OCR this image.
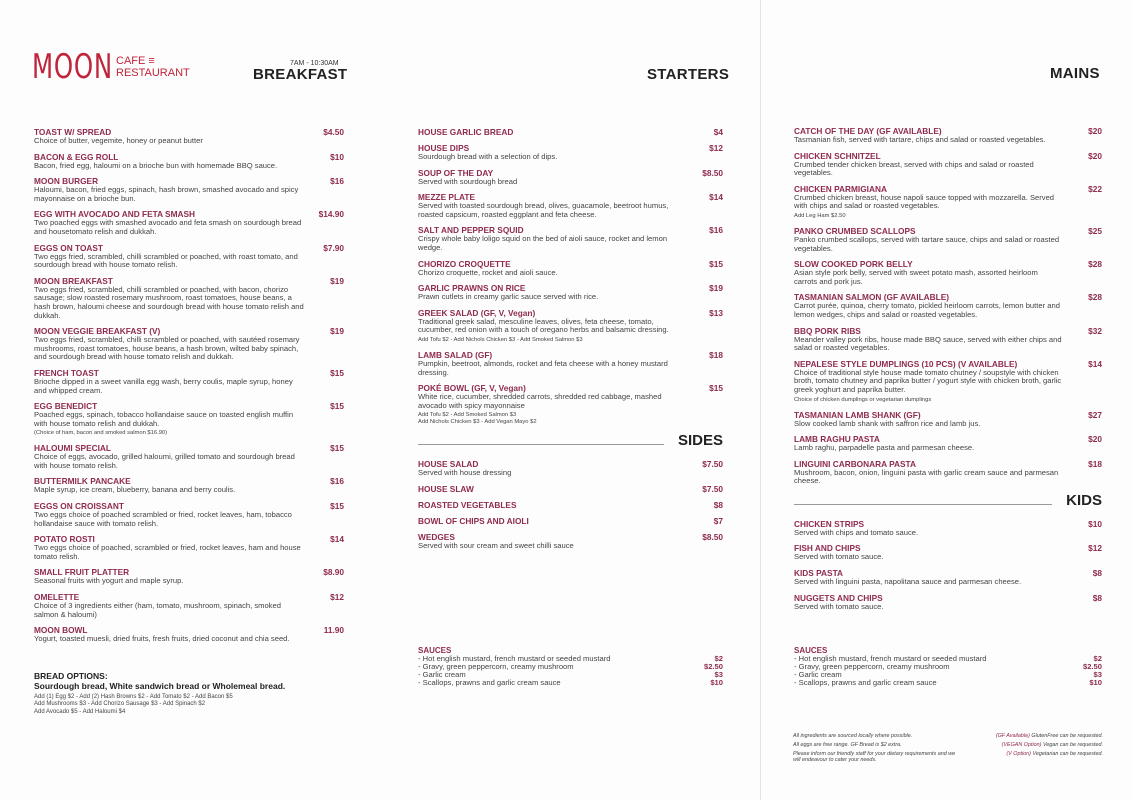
MOON CAFE ≡
RESTAURANT
7AM - 10:30AM
BREAKFAST	STARTERS	MAINS
TOAST W/ SPREAD	$4.50
Choice of butter, vegemite, honey or peanut butter
BACON & EGG ROLL	$10
Bacon, fried egg, haloumi on a brioche bun with homemade BBQ sauce.
MOON BURGER	$16
Haloumi, bacon, fried eggs, spinach, hash brown, smashed avocado and spicy mayonnaise on a brioche bun.
EGG WITH AVOCADO AND FETA SMASH	$14.90
Two poached eggs with smashed avocado and feta smash on sourdough bread and housetomato relish and dukkah.
EGGS ON TOAST	$7.90
Two eggs fried, scrambled, chilli scrambled or poached, with roast tomato, and sourdough bread with house tomato relish.
MOON BREAKFAST	$19
Two eggs fried, scrambled, chilli scrambled or poached, with bacon, chorizo sausage; slow roasted rosemary mushroom, roast tomatoes, house beans, a hash brown, haloumi cheese and sourdough bread with house tomato relish and dukkah.
MOON VEGGIE BREAKFAST (V)	$19
Two eggs fried, scrambled, chilli scrambled or poached, with sautéed rosemary mushrooms, roast tomatoes, house beans, a hash brown, wilted baby spinach, and sourdough bread with house tomato relish and dukkah.
FRENCH TOAST	$15
Brioche dipped in a sweet vanilla egg wash, berry coulis, maple syrup, honey and whipped cream.
EGG BENEDICT	$15
Poached eggs, spinach, tobacco hollandaise sauce on toasted english muffin with house tomato relish and dukkah.
(Choice of ham, bacon and smoked salmon $16.90)
HALOUMI SPECIAL	$15
Choice of eggs, avocado, grilled haloumi, grilled tomato and sourdough bread with house tomato relish.
BUTTERMILK PANCAKE	$16
Maple syrup, ice cream, blueberry, banana and berry coulis.
EGGS ON CROISSANT	$15
Two eggs choice of poached scrambled or fried, rocket leaves, ham, tobacco hollandaise sauce with tomato relish.
POTATO ROSTI	$14
Two eggs choice of poached, scrambled or fried, rocket leaves, ham and house tomato relish.
SMALL FRUIT PLATTER	$8.90
Seasonal fruits with yogurt and maple syrup.
OMELETTE	$12
Choice of 3 ingredients either (ham, tomato, mushroom, spinach, smoked salmon & haloumi)
MOON BOWL	11.90
Yogurt, toasted muesli, dried fruits, fresh fruits, dried coconut and chia seed.
BREAD OPTIONS:
Sourdough bread, White sandwich bread or Wholemeal bread.
Add (1) Egg $2 - Add (2) Hash Browns $2 - Add Tomato $2 - Add Bacon $5
Add Mushrooms $3 - Add Chorizo Sausage $3 - Add Spinach $2
Add Avocado $5 - Add Haloumi $4
HOUSE GARLIC BREAD	$4
HOUSE DIPS	$12
Sourdough bread with a selection of dips.
SOUP OF THE DAY	$8.50
Served with sourdough bread
MEZZE PLATE	$14
Served with toasted sourdough bread, olives, guacamole, beetroot humus, roasted capsicum, roasted eggplant and feta cheese.
SALT AND PEPPER SQUID	$16
Crispy whole baby loligo squid on the bed of aioli sauce, rocket and lemon wedge.
CHORIZO CROQUETTE	$15
Chorizo croquette, rocket and aioli sauce.
GARLIC PRAWNS ON RICE	$19
Prawn cutlets in creamy garlic sauce served with rice.
GREEK SALAD (GF, V, Vegan)	$13
Traditional greek salad, mesculine leaves, olives, feta cheese, tomato, cucumber, red onion with a touch of oregano herbs and balsamic dressing.
Add Tofu $2 - Add Nichols Chicken $3 - Add Smoked Salmon $3
LAMB SALAD (GF)	$18
Pumpkin, beetroot, almonds, rocket and feta cheese with a honey mustard dressing.
POKÉ BOWL (GF, V, Vegan)	$15
White rice, cucumber, shredded carrots, shredded red cabbage, mashed avocado with spicy mayonnaise
Add Tofu $2 - Add Smoked Salmon $3
Add Nichols Chicken $3 - Add Vegan Mayo $2
SIDES
HOUSE SALAD	$7.50
Served with house dressing
HOUSE SLAW	$7.50
ROASTED VEGETABLES	$8
BOWL OF CHIPS AND AIOLI	$7
WEDGES	$8.50
Served with sour cream and sweet chilli sauce
SAUCES
- Hot english mustard, french mustard or seeded mustard	$2
- Gravy, green peppercorn, creamy mushroom	$2.50
- Garlic cream	$3
- Scallops, prawns and garlic cream sauce	$10
CATCH OF THE DAY (GF AVAILABLE)	$20
Tasmanian fish, served with tartare, chips and salad or roasted vegetables.
CHICKEN SCHNITZEL	$20
Crumbed tender chicken breast, served with chips and salad or roasted vegetables.
CHICKEN PARMIGIANA	$22
Crumbed chicken breast, house napoli sauce topped with mozzarella. Served with chips and salad or roasted vegetables.
Add Leg Ham $2.50
PANKO CRUMBED SCALLOPS	$25
Panko crumbed scallops, served with tartare sauce, chips and salad or roasted vegetables.
SLOW COOKED PORK BELLY	$28
Asian style pork belly, served with sweet potato mash, assorted heirloom carrots and pork jus.
TASMANIAN SALMON (GF AVAILABLE)	$28
Carrot purée, quinoa, cherry tomato, pickled heirloom carrots, lemon butter and lemon wedges, chips and salad or roasted vegetables.
BBQ PORK RIBS	$32
Meander valley pork ribs, house made BBQ sauce, served with either chips and salad or roasted vegetables.
NEPALESE STYLE DUMPLINGS (10 PCS) (V AVAILABLE)	$14
Choice of traditional style house made tomato chutney / soupstyle with chicken broth, tomato chutney and paprika butter / yogurt style with chicken broth, garlic greek yoghurt and paprika butter.
Choice of chicken dumplings or vegetarian dumplings
TASMANIAN LAMB SHANK (GF)	$27
Slow cooked lamb shank with saffron rice and lamb jus.
LAMB RAGHU PASTA	$20
Lamb raghu, parpadelle pasta and parmesan cheese.
LINGUINI CARBONARA PASTA	$18
Mushroom, bacon, onion, linguini pasta with garlic cream sauce and parmesan cheese.
KIDS
CHICKEN STRIPS	$10
Served with chips and tomato sauce.
FISH AND CHIPS	$12
Served with tomato sauce.
KIDS PASTA	$8
Served with linguini pasta, napolitana sauce and parmesan cheese.
NUGGETS AND CHIPS	$8
Served with tomato sauce.
SAUCES
- Hot english mustard, french mustard or seeded mustard	$2
- Gravy, green peppercorn, creamy mushroom	$2.50
- Garlic cream	$3
- Scallops, prawns and garlic cream sauce	$10
All ingredients are sourced locally where possible.	(GF Available) GlutenFree can be requested.
All eggs are free range. GF Bread is $2 extra.	(VEGAN Option) Vegan can be requested.
Please inform our friendly staff for your dietary requirements and we will endeavour to cater your needs.
(V Option) Vegetarian can be requested.
